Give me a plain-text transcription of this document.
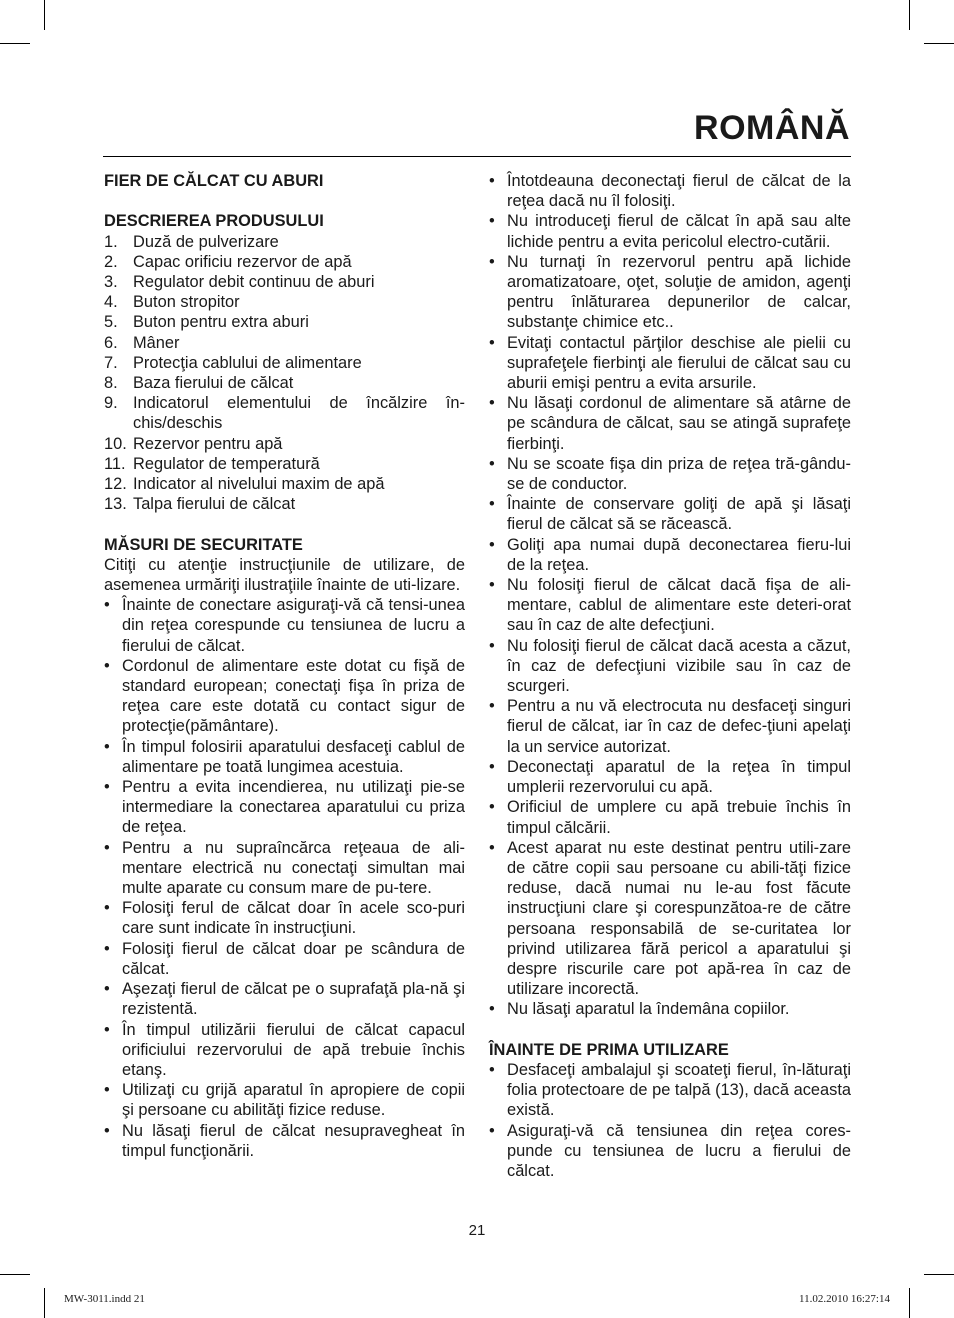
ROMÂNĂ
FIER DE CĂLCAT CU ABURI
DESCRIEREA PRODUSULUI
1. Duză de pulverizare
2. Capac orificiu rezervor de apă
3. Regulator debit continuu de aburi
4. Buton stropitor
5. Buton pentru extra aburi
6. Mâner
7. Protecţia cablului de alimentare
8. Baza fierului de călcat
9. Indicatorul elementului de încălzire în-chis/deschis
10. Rezervor pentru apă
11. Regulator de temperatură
12. Indicator al nivelului maxim de apă
13. Talpa fierului de călcat
MĂSURI DE SECURITATE

Citiţi cu atenţie instrucţiunile de utilizare, de asemenea urmăriţi ilustraţiile înainte de uti-lizare.

• Înainte de conectare asiguraţi-vă că tensi-unea din reţea corespunde cu tensiunea de lucru a fierului de călcat.
• Cordonul de alimentare este dotat cu fişă de standard european; conectaţi fişa în priza de reţea care este dotată cu contact sigur de protecţie(pământare).
• În timpul folosirii aparatului desfaceţi cablul de alimentare pe toată lungimea acestuia.
• Pentru a evita incendierea, nu utilizaţi pie-se intermediare la conectarea aparatului cu priza de reţea.
• Pentru a nu supraîncărca reţeaua de ali-mentare electrică nu conectaţi simultan mai multe aparate cu consum mare de pu-tere.
• Folosiţi ferul de călcat doar în acele sco-puri care sunt indicate în instrucţiuni.
• Folosiţi fierul de călcat doar pe scândura de călcat.
• Aşezaţi fierul de călcat pe o suprafaţă pla-nă şi rezistentă.
• În timpul utilizării fierului de călcat capacul orificiului rezervorului de apă trebuie închis etanş.
• Utilizaţi cu grijă aparatul în apropiere de copii şi persoane cu abilităţi fizice reduse.
• Nu lăsaţi fierul de călcat nesupravegheat în timpul funcţionării.
• Întotdeauna deconectaţi fierul de călcat de la reţea dacă nu îl folosiţi.
• Nu introduceţi fierul de călcat în apă sau alte lichide pentru a evita pericolul electro-cutării.
• Nu turnaţi în rezervorul pentru apă lichide aromatizatoare, oţet, soluţie de amidon, agenţi pentru înlăturarea depunerilor de calcar, substanţe chimice etc..
• Evitaţi contactul părţilor deschise ale pielii cu suprafeţele fierbinţi ale fierului de călcat sau cu aburii emişi pentru a evita arsurile.
• Nu lăsaţi cordonul de alimentare să atârne de pe scândura de călcat, sau se atingă suprafeţe fierbinţi.
• Nu se scoate fişa din priza de reţea tră-gându-se de conductor.
• Înainte de conservare goliţi de apă şi lăsaţi fierul de călcat să se răcească.
• Goliţi apa numai după deconectarea fieru-lui de la reţea.
• Nu folosiţi fierul de călcat dacă fişa de ali-mentare, cablul de alimentare este deteri-orat sau în caz de alte defecţiuni.
• Nu folosiţi fierul de călcat dacă acesta a căzut, în caz de defecţiuni vizibile sau în caz de scurgeri.
• Pentru a nu vă electrocuta nu desfaceţi singuri fierul de călcat, iar în caz de defec-ţiuni apelaţi la un service autorizat.
• Deconectaţi aparatul de la reţea în timpul umplerii rezervorului cu apă.
• Orificiul de umplere cu apă trebuie închis în timpul călcării.
• Acest aparat nu este destinat pentru utili-zare de către copii sau persoane cu abili-tăţi fizice reduse, dacă numai nu le-au fost făcute instrucţiuni clare şi corespunzătoa-re de către persoana responsabilă de se-curitatea lor privind utilizarea fără pericol a aparatului şi despre riscurile care pot apă-rea în caz de utilizare incorectă.
• Nu lăsaţi aparatul la îndemâna copiilor.
ÎNAINTE DE PRIMA UTILIZARE
• Desfaceţi ambalajul şi scoateţi fierul, în-lăturaţi folia protectoare de pe talpă (13), dacă aceasta există.
• Asiguraţi-vă că tensiunea din reţea cores-punde cu tensiunea de lucru a fierului de călcat.
21
MW-3011.indd 21	11.02.2010 16:27:14
